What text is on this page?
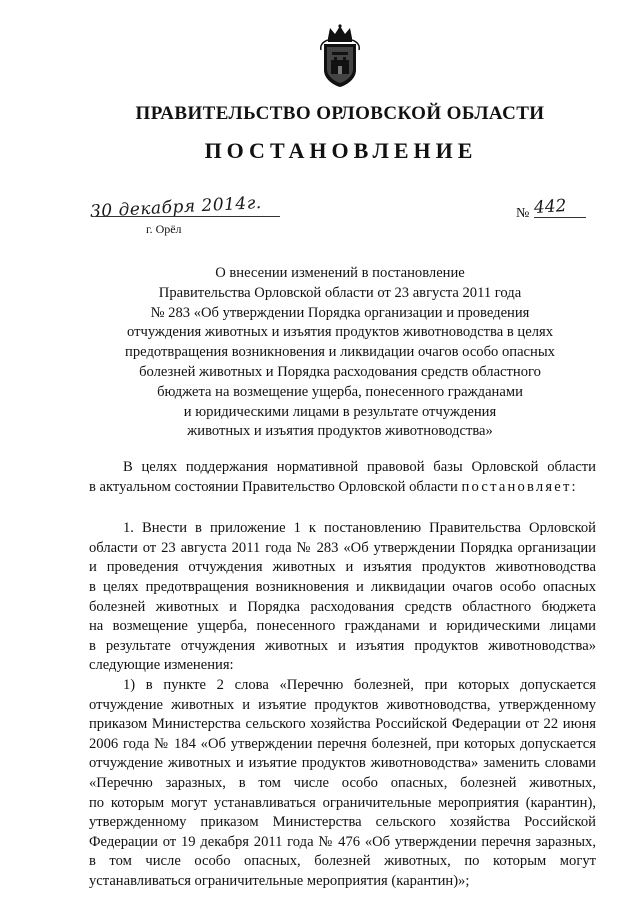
ПРАВИТЕЛЬСТВО ОРЛОВСКОЙ ОБЛАСТИ
ПОСТАНОВЛЕНИЕ
30 декабря 2014г.
г. Орёл
№ 442
О внесении изменений в постановление
Правительства Орловской области от 23 августа 2011 года
№ 283 «Об утверждении Порядка организации и проведения
отчуждения животных и изъятия продуктов животноводства в целях
предотвращения возникновения и ликвидации очагов особо опасных
болезней животных и Порядка расходования средств областного
бюджета на возмещение ущерба, понесенного гражданами
и юридическими лицами в результате отчуждения
животных и изъятия продуктов животноводства»
В целях поддержания нормативной правовой базы Орловской области
в актуальном состоянии Правительство Орловской области постановляет:
1. Внести в приложение 1 к постановлению Правительства Орловской
области от 23 августа 2011 года № 283 «Об утверждении Порядка организации
и проведения отчуждения животных и изъятия продуктов животноводства
в целях предотвращения возникновения и ликвидации очагов особо опасных
болезней животных и Порядка расходования средств областного бюджета
на возмещение ущерба, понесенного гражданами и юридическими лицами
в результате отчуждения животных и изъятия продуктов животноводства»
следующие изменения:
1) в пункте 2 слова «Перечню болезней, при которых допускается
отчуждение животных и изъятие продуктов животноводства, утвержденному
приказом Министерства сельского хозяйства Российской Федерации от 22 июня
2006 года № 184 «Об утверждении перечня болезней, при которых допускается
отчуждение животных и изъятие продуктов животноводства» заменить словами
«Перечню заразных, в том числе особо опасных, болезней животных,
по которым могут устанавливаться ограничительные мероприятия (карантин),
утвержденному приказом Министерства сельского хозяйства Российской
Федерации от 19 декабря 2011 года № 476 «Об утверждении перечня заразных,
в том числе особо опасных, болезней животных, по которым могут
устанавливаться ограничительные мероприятия (карантин)»;
